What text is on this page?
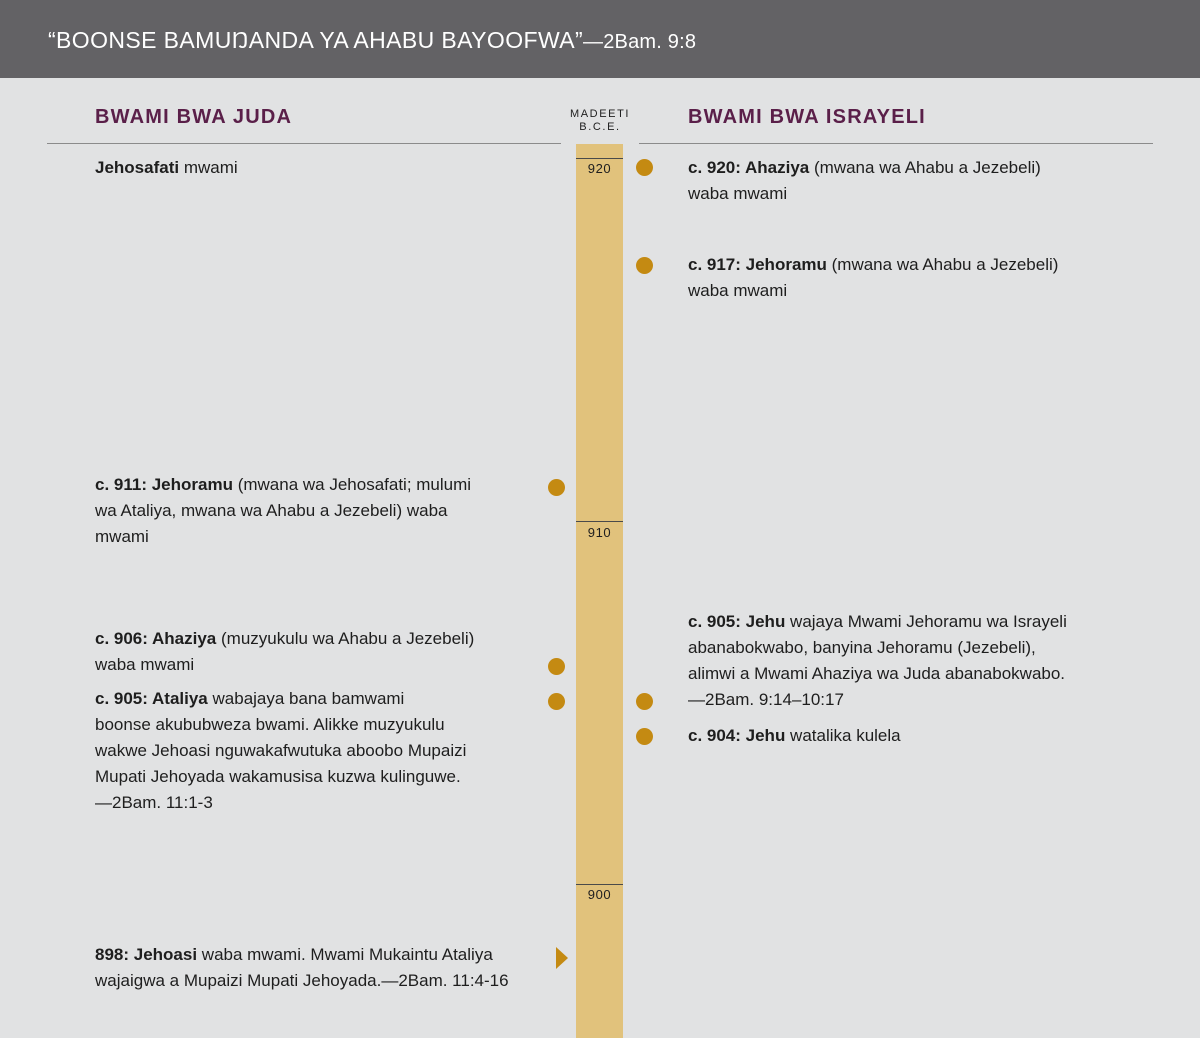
“BOONSE BAMUŊANDA YA AHABU BAYOOFWA”—2Bam. 9:8
BWAMI BWA JUDA	BWAMI BWA ISRAYELI
MADEETI
B.C.E.
920
910
900
Jehosafati mwami
c. 911: Jehoramu (mwana wa Jehosafati; mulumi
wa Ataliya, mwana wa Ahabu a Jezebeli) waba
mwami
c. 906: Ahaziya (muzyukulu wa Ahabu a Jezebeli)
waba mwami
c. 905: Ataliya wabajaya bana bamwami
boonse akububweza bwami. Alikke muzyukulu
wakwe Jehoasi nguwakafwutuka aboobo Mupaizi
Mupati Jehoyada wakamusisa kuzwa kulinguwe.
—2Bam. 11:1-3
898: Jehoasi waba mwami. Mwami Mukaintu Ataliya
wajaigwa a Mupaizi Mupati Jehoyada.—2Bam. 11:4-16
c. 920: Ahaziya (mwana wa Ahabu a Jezebeli)
waba mwami
c. 917: Jehoramu (mwana wa Ahabu a Jezebeli)
waba mwami
c. 905: Jehu wajaya Mwami Jehoramu wa Israyeli
abanabokwabo, banyina Jehoramu (Jezebeli),
alimwi a Mwami Ahaziya wa Juda abanabokwabo.
—2Bam. 9:14–10:17
c. 904: Jehu watalika kulela
